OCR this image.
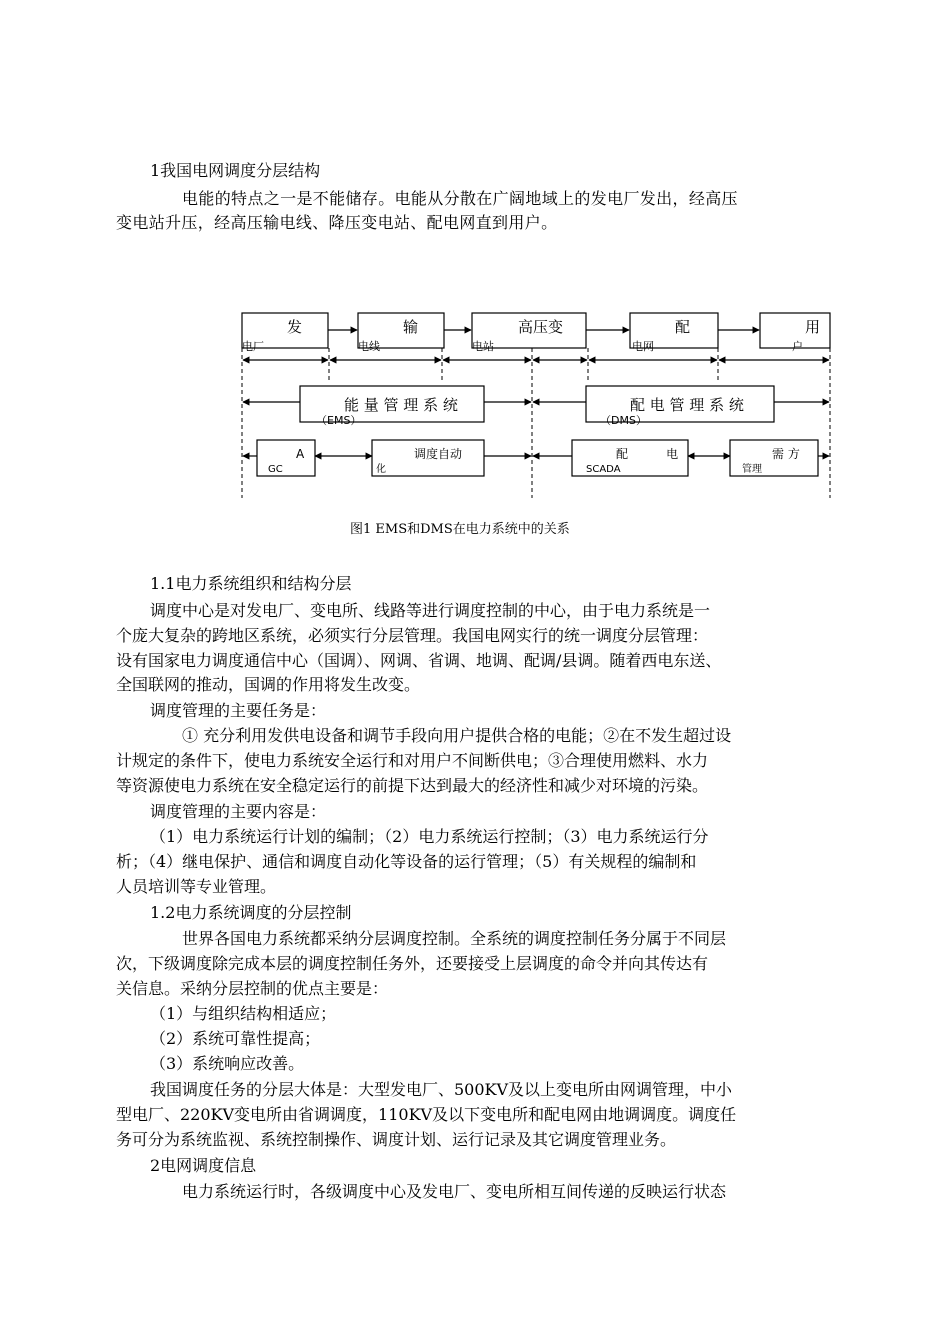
1我国电网调度分层结构
电能的特点之一是不能储存。电能从分散在广阔地域上的发电厂发出，经高压
变电站升压，经高压输电线、降压变电站、配电网直到用户。
发	输	高压变	配	用
电厂	电线	电站	电网	户
能 量 管 理 系 统	配 电 管 理 系 统
（EMS）	（DMS）
A	调度自动	配          电	需 方
GC	化	SCADA	管理
图1 EMS和DMS在电力系统中的关系
1.1电力系统组织和结构分层
调度中心是对发电厂、变电所、线路等进行调度控制的中心，由于电力系统是一
个庞大复杂的跨地区系统，必须实行分层管理。我国电网实行的统一调度分层管理：
设有国家电力调度通信中心（国调）、网调、省调、地调、配调/县调。随着西电东送、
全国联网的推动，国调的作用将发生改变。
调度管理的主要任务是：
① 充分利用发供电设备和调节手段向用户提供合格的电能；②在不发生超过设
计规定的条件下，使电力系统安全运行和对用户不间断供电；③合理使用燃料、水力
等资源使电力系统在安全稳定运行的前提下达到最大的经济性和减少对环境的污染。
调度管理的主要内容是：
（1）电力系统运行计划的编制；（2）电力系统运行控制；（3）电力系统运行分
析；（4）继电保护、通信和调度自动化等设备的运行管理；（5）有关规程的编制和
人员培训等专业管理。
1.2电力系统调度的分层控制
世界各国电力系统都采纳分层调度控制。全系统的调度控制任务分属于不同层
次，下级调度除完成本层的调度控制任务外，还要接受上层调度的命令并向其传达有
关信息。采纳分层控制的优点主要是：
（1）与组织结构相适应；
（2）系统可靠性提高；
（3）系统响应改善。
我国调度任务的分层大体是：大型发电厂、500KV及以上变电所由网调管理，中小
型电厂、220KV变电所由省调调度，110KV及以下变电所和配电网由地调调度。调度任
务可分为系统监视、系统控制操作、调度计划、运行记录及其它调度管理业务。
2电网调度信息
电力系统运行时，各级调度中心及发电厂、变电所相互间传递的反映运行状态
